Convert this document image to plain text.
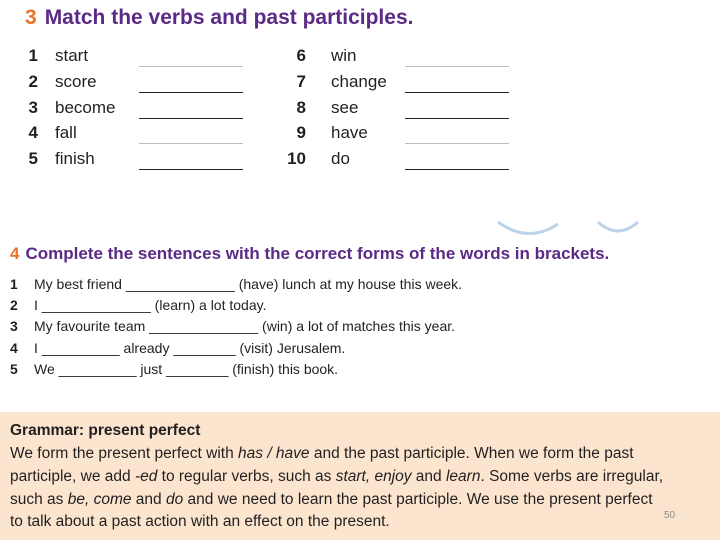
3 Match the verbs and past participles.
1 start
2 score
3 become
4 fall
5 finish
6 win
7 change
8 see
9 have
10 do
4 Complete the sentences with the correct forms of the words in brackets.
1 My best friend ______________ (have) lunch at my house this week.
2 I ______________ (learn) a lot today.
3 My favourite team ______________ (win) a lot of matches this year.
4 I __________ already ________ (visit) Jerusalem.
5 We __________ just ________ (finish) this book.
Grammar: present perfect
We form the present perfect with has / have and the past participle. When we form the past
participle, we add -ed to regular verbs, such as start, enjoy and learn. Some verbs are irregular,
such as be, come and do and we need to learn the past participle. We use the present perfect
to talk about a past action with an effect on the present.	50
